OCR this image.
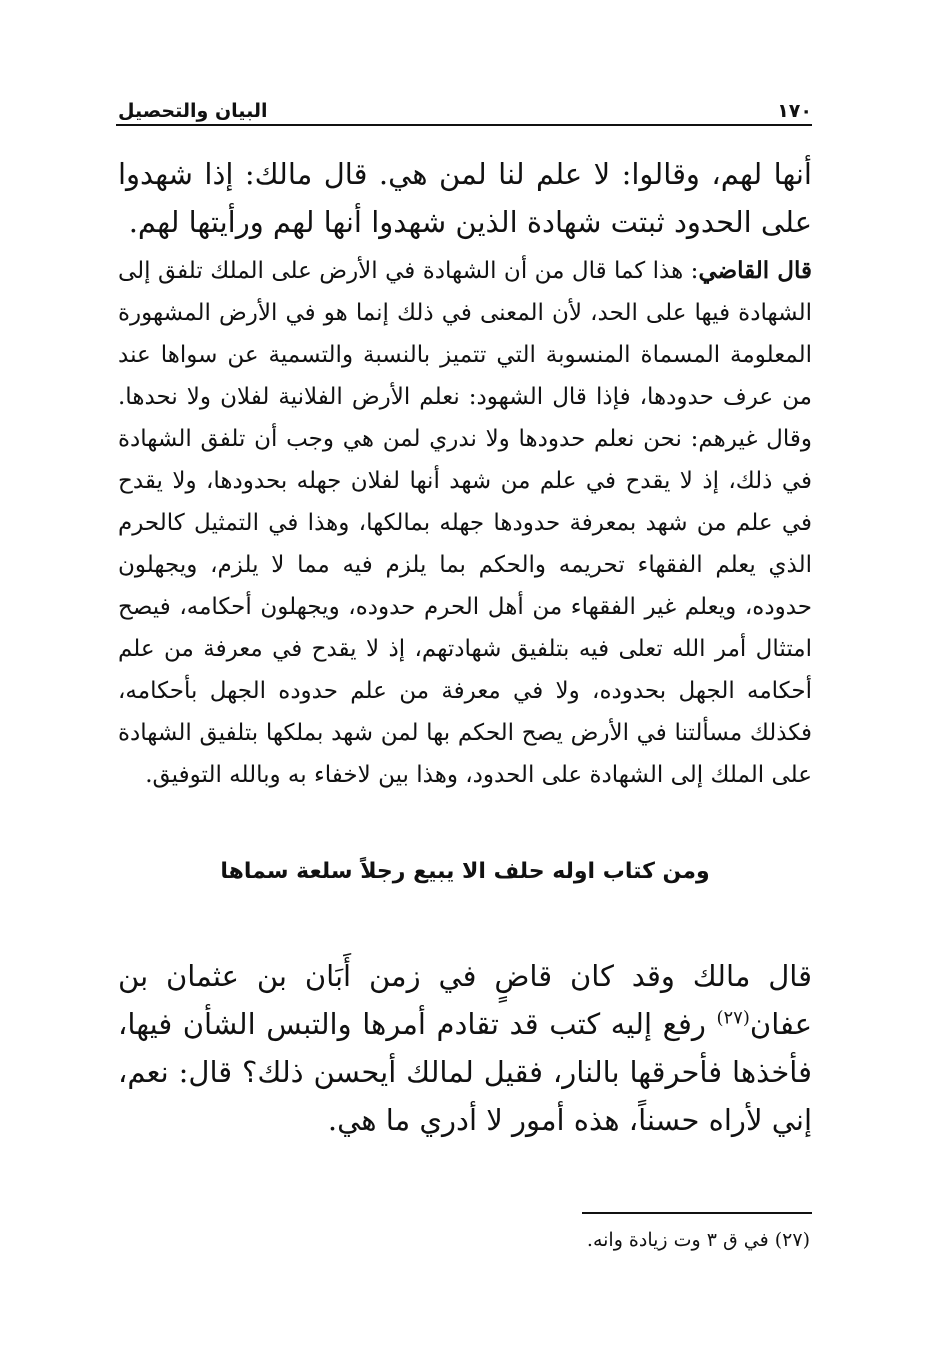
١٧٠
البيان والتحصيل

أنها لهم، وقالوا: لا علم لنا لمن هي. قال مالك: إذا شهدوا على الحدود ثبتت شهادة الذين شهدوا أنها لهم ورأيتها لهم.

قال القاضي: هذا كما قال من أن الشهادة في الأرض على الملك تلفق إلى الشهادة فيها على الحد، لأن المعنى في ذلك إنما هو في الأرض المشهورة المعلومة المسماة المنسوبة التي تتميز بالنسبة والتسمية عن سواها عند من عرف حدودها، فإذا قال الشهود: نعلم الأرض الفلانية لفلان ولا نحدها. وقال غيرهم: نحن نعلم حدودها ولا ندري لمن هي وجب أن تلفق الشهادة في ذلك، إذ لا يقدح في علم من شهد أنها لفلان جهله بحدودها، ولا يقدح في علم من شهد بمعرفة حدودها جهله بمالكها، وهذا في التمثيل كالحرم الذي يعلم الفقهاء تحريمه والحكم بما يلزم فيه مما لا يلزم، ويجهلون حدوده، ويعلم غير الفقهاء من أهل الحرم حدوده، ويجهلون أحكامه، فيصح امتثال أمر الله تعلى فيه بتلفيق شهادتهم، إذ لا يقدح في معرفة من علم أحكامه الجهل بحدوده، ولا في معرفة من علم حدوده الجهل بأحكامه، فكذلك مسألتنا في الأرض يصح الحكم بها لمن شهد بملكها بتلفيق الشهادة على الملك إلى الشهادة على الحدود، وهذا بين لاخفاء به وبالله التوفيق.

ومن كتاب اوله حلف الا يبيع رجلاً سلعة سماها

قال مالك وقد كان قاضٍ في زمن أَبَان بن عثمان بن عفان$^{(٢٧)}$ رفع إليه كتب قد تقادم أمرها والتبس الشأن فيها، فأخذها فأحرقها بالنار، فقيل لمالك أيحسن ذلك؟ قال: نعم، إني لأراه حسناً، هذه أمور لا أدري ما هي.

(٢٧) في ق ٣ وت زيادة وانه.
